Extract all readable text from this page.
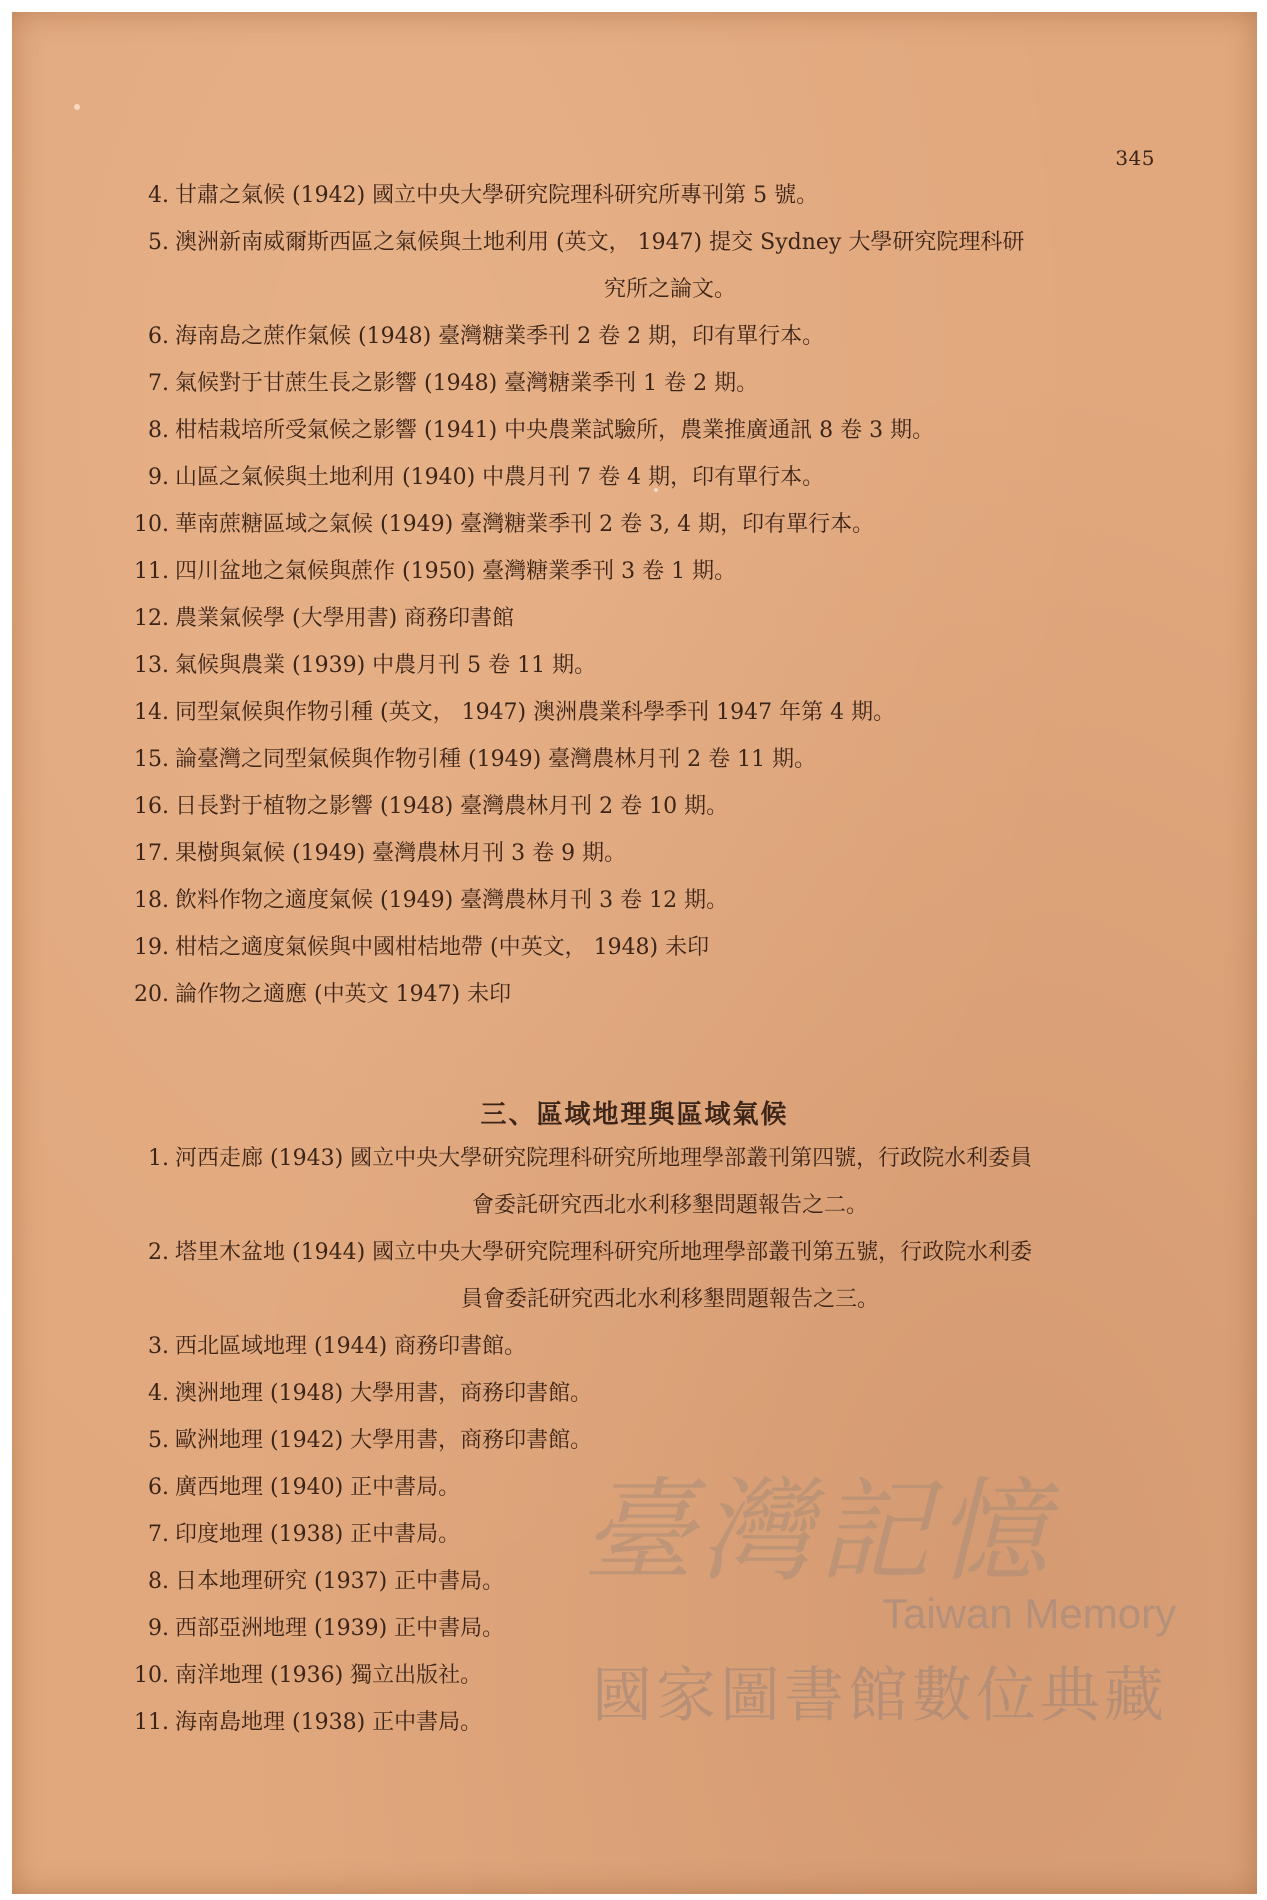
345
4. 甘肅之氣候 (1942) 國立中央大學研究院理科研究所專刊第 5 號。
5. 澳洲新南威爾斯西區之氣候與土地利用 (英文， 1947) 提交 Sydney 大學研究院理科研
究所之論文。
6. 海南島之蔗作氣候 (1948) 臺灣糖業季刊 2 卷 2 期，印有單行本。
7. 氣候對于甘蔗生長之影響 (1948) 臺灣糖業季刊 1 卷 2 期。
8. 柑桔栽培所受氣候之影響 (1941) 中央農業試驗所，農業推廣通訊 8 卷 3 期。
9. 山區之氣候與土地利用 (1940) 中農月刊 7 卷 4 期，印有單行本。
10. 華南蔗糖區域之氣候 (1949) 臺灣糖業季刊 2 卷 3, 4 期，印有單行本。
11. 四川盆地之氣候與蔗作 (1950) 臺灣糖業季刊 3 卷 1 期。
12. 農業氣候學 (大學用書) 商務印書館
13. 氣候與農業 (1939) 中農月刊 5 卷 11 期。
14. 同型氣候與作物引種 (英文， 1947) 澳洲農業科學季刊 1947 年第 4 期。
15. 論臺灣之同型氣候與作物引種 (1949) 臺灣農林月刊 2 卷 11 期。
16. 日長對于植物之影響 (1948) 臺灣農林月刊 2 卷 10 期。
17. 果樹與氣候 (1949) 臺灣農林月刊 3 卷 9 期。
18. 飲料作物之適度氣候 (1949) 臺灣農林月刊 3 卷 12 期。
19. 柑桔之適度氣候與中國柑桔地帶 (中英文， 1948) 未印
20. 論作物之適應 (中英文 1947) 未印
三、區域地理與區域氣候
1. 河西走廊 (1943) 國立中央大學研究院理科研究所地理學部叢刊第四號，行政院水利委員
會委託研究西北水利移墾問題報告之二。
2. 塔里木盆地 (1944) 國立中央大學研究院理科研究所地理學部叢刊第五號，行政院水利委
員會委託研究西北水利移墾問題報告之三。
3. 西北區域地理 (1944) 商務印書館。
4. 澳洲地理 (1948) 大學用書，商務印書館。
5. 歐洲地理 (1942) 大學用書，商務印書館。
6. 廣西地理 (1940) 正中書局。
7. 印度地理 (1938) 正中書局。
8. 日本地理研究 (1937) 正中書局。
9. 西部亞洲地理 (1939) 正中書局。
10. 南洋地理 (1936) 獨立出版社。
11. 海南島地理 (1938) 正中書局。
臺灣記憶
Taiwan Memory
國家圖書館數位典藏
